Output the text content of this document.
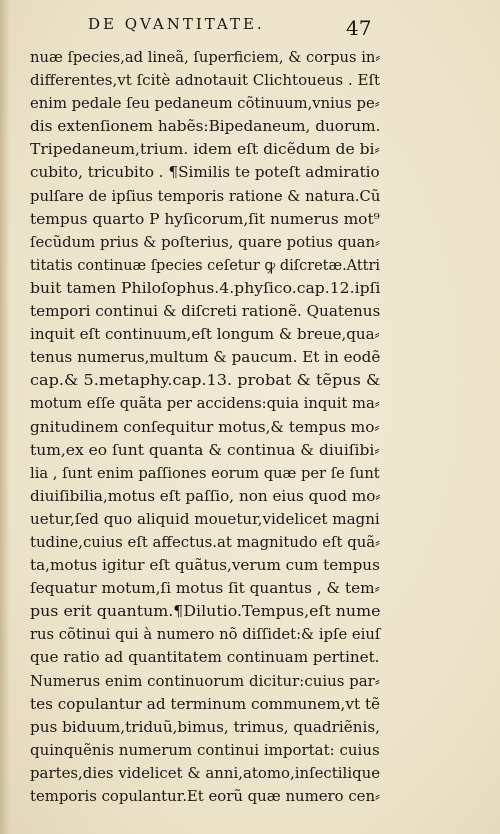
DE QVANTITATE.	47
nuæ ſpecies,ad lineã, ſuperficiem, & corpus in⸗
differentes,vt ſcitè adnotauit Clichtoueus . Eſt
enim pedale ſeu pedaneum cõtinuum,vnius pe⸗
dis extenſionem habẽs:Bipedaneum, duorum.
Tripedaneum,trium. idem eſt dicẽdum de bi⸗
cubito, tricubito . ¶Similis te poteſt admiratio
pulſare de ipſius temporis ratione & natura.Cũ
tempus quarto P hyſicorum,ſit numerus mot⁹
ſecũdum prius & poſterius, quare potius quan⸗
titatis continuæ ſpecies ceſetur ꝙ diſcretæ.Attri
buit tamen Philoſophus.4.phyſico.cap.12.ipſi
tempori continui & diſcreti rationẽ. Quatenus
inquit eſt continuum,eſt longum & breue,qua⸗
tenus numerus,multum & paucum. Et in eodẽ
cap.& 5.metaphy.cap.13. probat & tẽpus &
motum eſſe quãta per accidens:quia inquit ma⸗
gnitudinem conſequitur motus,& tempus mo⸗
tum,ex eo ſunt quanta & continua & diuiſibi⸗
lia , ſunt enim paſſiones eorum quæ per ſe ſunt
diuiſibilia,motus eſt paſſio, non eius quod mo⸗
uetur,ſed quo aliquid mouetur,videlicet magni
tudine,cuius eſt affectus.at magnitudo eſt quã⸗
ta,motus igitur eſt quãtus,verum cum tempus
ſequatur motum,ſi motus ſit quantus , & tem⸗
pus erit quantum.¶Dilutio.Tempus,eſt nume
rus cõtinui qui à numero nõ diſſidet:& ipſe eiuſ
que ratio ad quantitatem continuam pertinet.
Numerus enim continuorum dicitur:cuius par⸗
tes copulantur ad terminum communem,vt tẽ
pus biduum,triduũ,bimus, trimus, quadriẽnis,
quinquẽnis numerum continui importat: cuius
partes,dies videlicet & anni,atomo,inſectilique
temporis copulantur.Et eorũ quæ numero cen⸗
